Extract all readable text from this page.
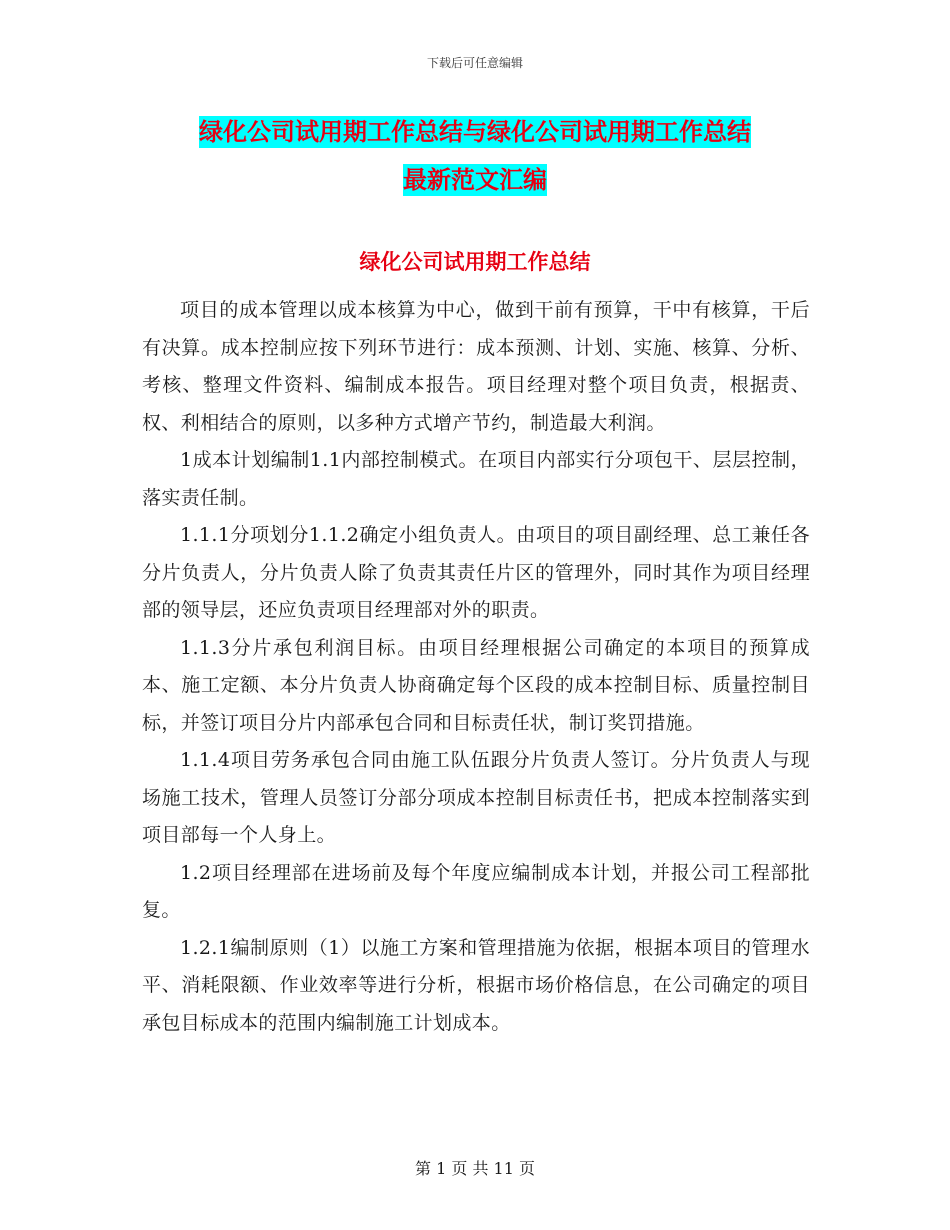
下载后可任意编辑
绿化公司试用期工作总结与绿化公司试用期工作总结
最新范文汇编
绿化公司试用期工作总结

项目的成本管理以成本核算为中心，做到干前有预算，干中有核算，干后有决算。成本控制应按下列环节进行：成本预测、计划、实施、核算、分析、考核、整理文件资料、编制成本报告。项目经理对整个项目负责，根据责、权、利相结合的原则，以多种方式增产节约，制造最大利润。

1成本计划编制1.1内部控制模式。在项目内部实行分项包干、层层控制，落实责任制。

1.1.1分项划分1.1.2确定小组负责人。由项目的项目副经理、总工兼任各分片负责人，分片负责人除了负责其责任片区的管理外，同时其作为项目经理部的领导层，还应负责项目经理部对外的职责。

1.1.3分片承包利润目标。由项目经理根据公司确定的本项目的预算成本、施工定额、本分片负责人协商确定每个区段的成本控制目标、质量控制目标，并签订项目分片内部承包合同和目标责任状，制订奖罚措施。

1.1.4项目劳务承包合同由施工队伍跟分片负责人签订。分片负责人与现场施工技术，管理人员签订分部分项成本控制目标责任书，把成本控制落实到项目部每一个人身上。

1.2项目经理部在进场前及每个年度应编制成本计划，并报公司工程部批复。

1.2.1编制原则（1）以施工方案和管理措施为依据，根据本项目的管理水平、消耗限额、作业效率等进行分析，根据市场价格信息，在公司确定的项目承包目标成本的范围内编制施工计划成本。

第 1 页 共 11 页
